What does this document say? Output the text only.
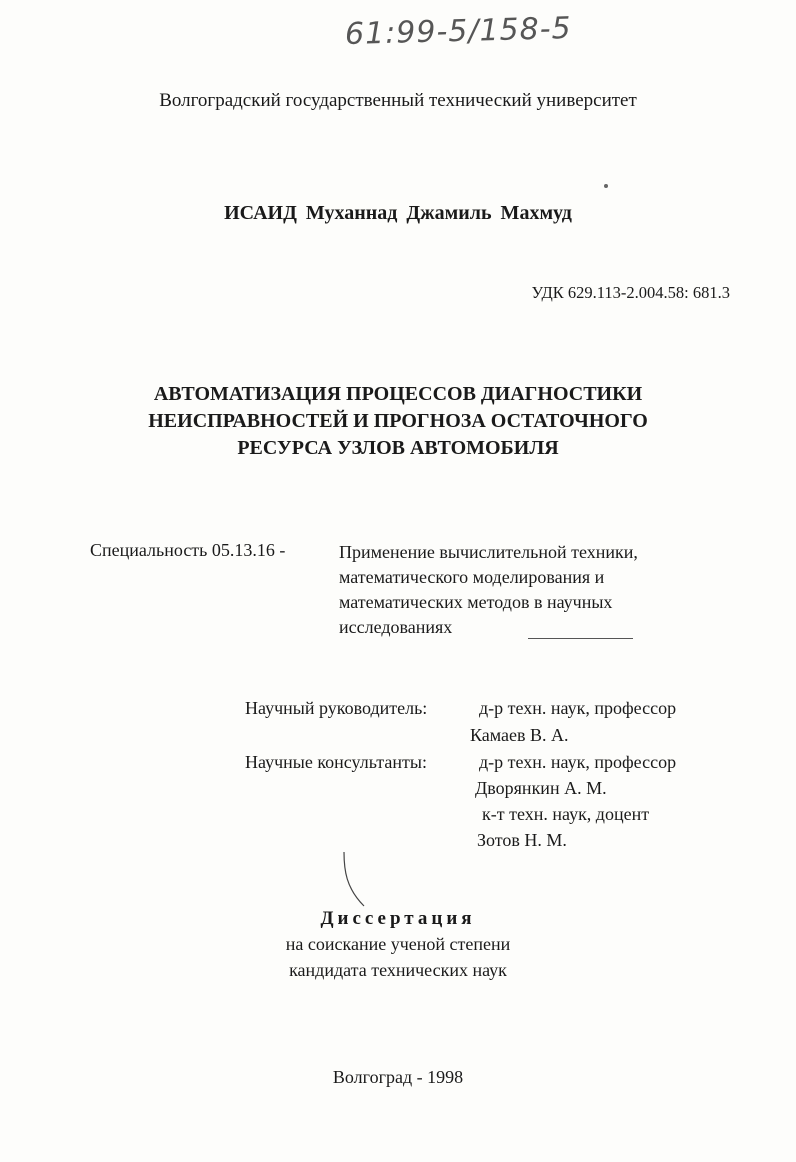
61:99-5/158-5
Волгоградский государственный технический университет
ИСАИД Муханнад Джамиль Махмуд
УДК 629.113-2.004.58: 681.3
АВТОМАТИЗАЦИЯ ПРОЦЕССОВ ДИАГНОСТИКИ
НЕИСПРАВНОСТЕЙ И ПРОГНОЗА ОСТАТОЧНОГО
РЕСУРСА УЗЛОВ АВТОМОБИЛЯ
Специальность 05.13.16 -	Применение вычислительной техники,
математического моделирования и
математических методов в научных
исследованиях
Научный руководитель:	д-р техн. наук, профессор
Камаев В. А.
Научные консультанты:	д-р техн. наук, профессор
Дворянкин А. М.
к-т техн. наук, доцент
Зотов Н. М.
Диссертация
на соискание ученой степени
кандидата технических наук
Волгоград - 1998
